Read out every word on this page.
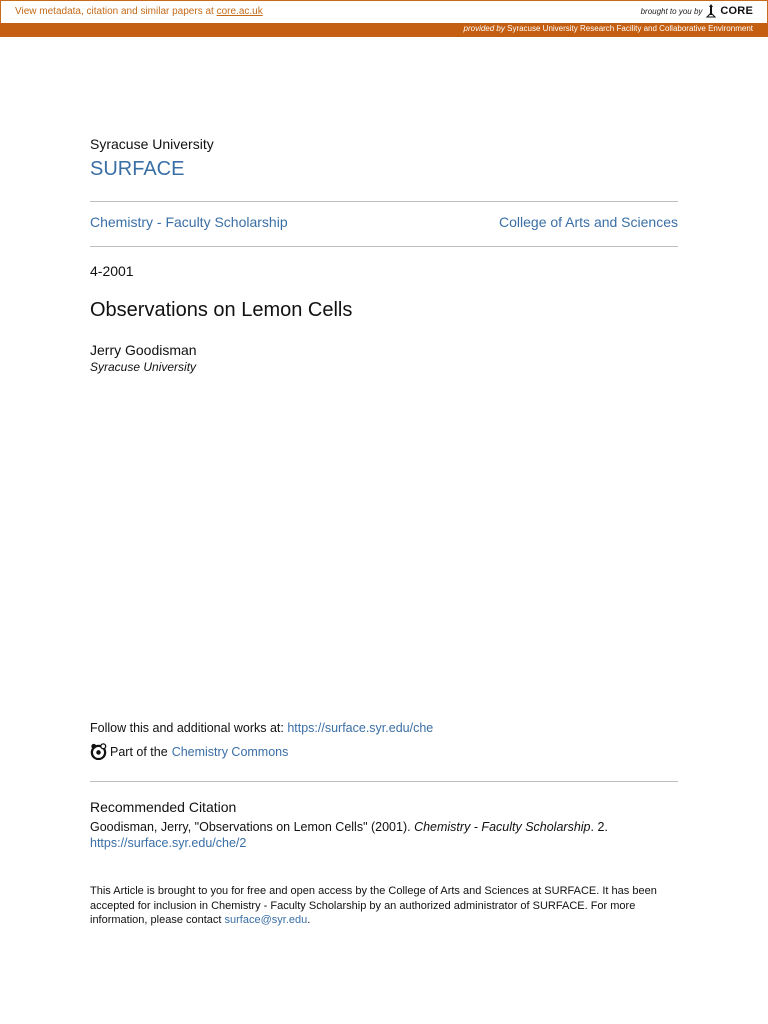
View metadata, citation and similar papers at core.ac.uk	brought to you by CORE
provided by Syracuse University Research Facility and Collaborative Environment
Syracuse University
SURFACE
Chemistry - Faculty Scholarship	College of Arts and Sciences
4-2001
Observations on Lemon Cells
Jerry Goodisman
Syracuse University
Follow this and additional works at: https://surface.syr.edu/che
Part of the Chemistry Commons
Recommended Citation
Goodisman, Jerry, "Observations on Lemon Cells" (2001). Chemistry - Faculty Scholarship. 2.
https://surface.syr.edu/che/2
This Article is brought to you for free and open access by the College of Arts and Sciences at SURFACE. It has been accepted for inclusion in Chemistry - Faculty Scholarship by an authorized administrator of SURFACE. For more information, please contact surface@syr.edu.
